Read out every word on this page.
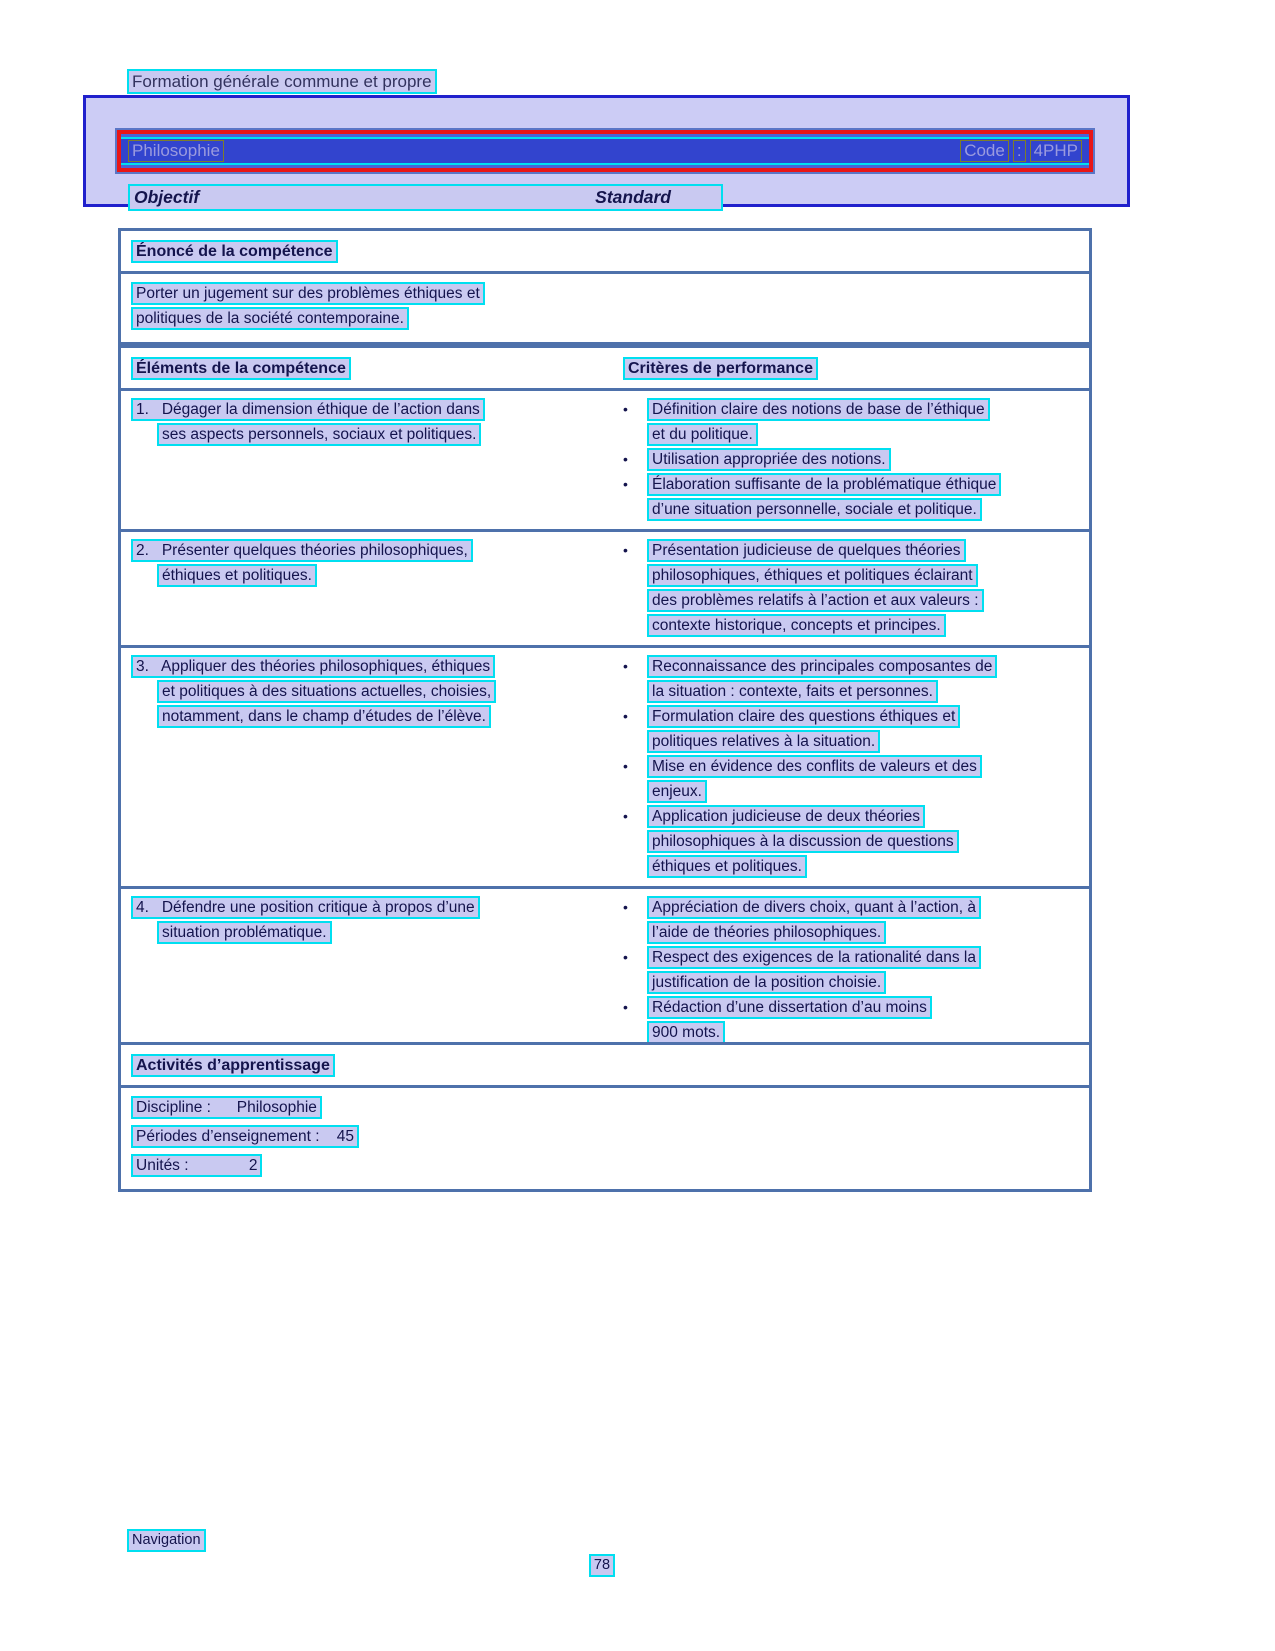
Formation générale commune et propre
Philosophie	Code : 4PHP
Objectif	Standard
Énoncé de la compétence
Porter un jugement sur des problèmes éthiques et
politiques de la société contemporaine.
Éléments de la compétence	Critères de performance
1.   Dégager la dimension éthique de l’action dans
ses aspects personnels, sociaux et politiques.
•	Définition claire des notions de base de l’éthique
et du politique.
•	Utilisation appropriée des notions.
•	Élaboration suffisante de la problématique éthique
d’une situation personnelle, sociale et politique.
2.   Présenter quelques théories philosophiques,
éthiques et politiques.
•	Présentation judicieuse de quelques théories
philosophiques, éthiques et politiques éclairant
des problèmes relatifs à l’action et aux valeurs :
contexte historique, concepts et principes.
3.   Appliquer des théories philosophiques, éthiques
et politiques à des situations actuelles, choisies,
notamment, dans le champ d’études de l’élève.
•	Reconnaissance des principales composantes de
la situation : contexte, faits et personnes.
•	Formulation claire des questions éthiques et
politiques relatives à la situation.
•	Mise en évidence des conflits de valeurs et des
enjeux.
•	Application judicieuse de deux théories
philosophiques à la discussion de questions
éthiques et politiques.
4.   Défendre une position critique à propos d’une
situation problématique.
•	Appréciation de divers choix, quant à l’action, à
l’aide de théories philosophiques.
•	Respect des exigences de la rationalité dans la
justification de la position choisie.
•	Rédaction d’une dissertation d’au moins
900 mots.
Activités d’apprentissage
Discipline :      Philosophie
Périodes d’enseignement :    45
Unités :              2
Navigation
78
